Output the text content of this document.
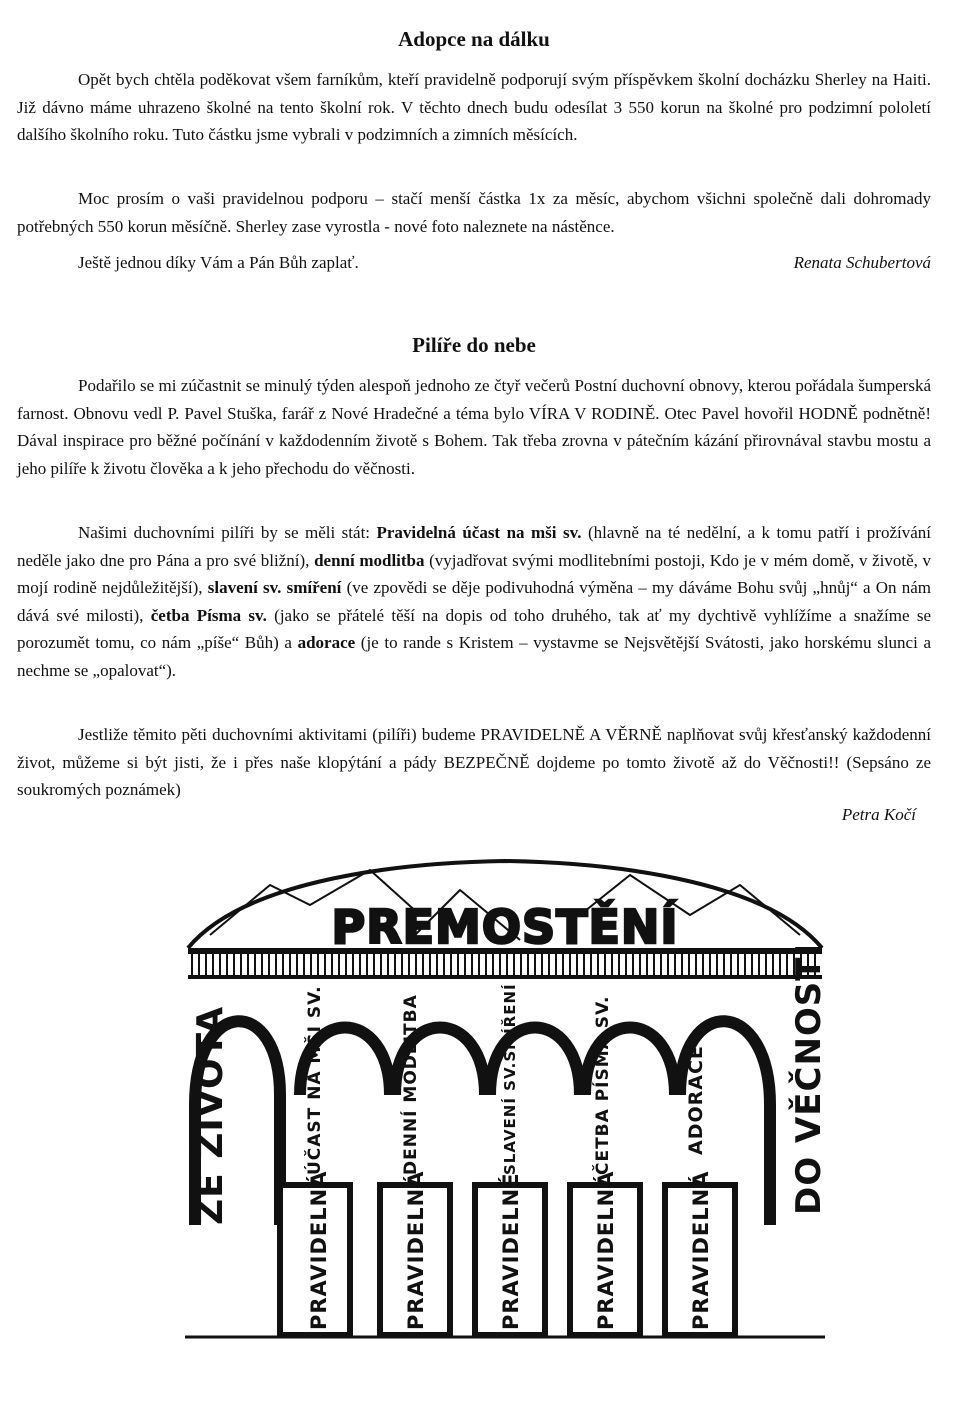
Adopce na dálku

Opět bych chtěla poděkovat všem farníkům, kteří pravidelně podporují svým příspěvkem školní docházku Sherley na Haiti. Již dávno máme uhrazeno školné na tento školní rok. V těchto dnech budu odesílat 3 550 korun na školné pro podzimní pololetí dalšího školního roku. Tuto částku jsme vybrali v podzimních a zimních měsících.

Moc prosím o vaši pravidelnou podporu – stačí menší částka 1x za měsíc, abychom všichni společně dali dohromady potřebných 550 korun měsíčně. Sherley zase vyrostla - nové foto naleznete na nástěnce.

Ještě jednou díky Vám a Pán Bůh zaplať.	Renata Schubertová
Pilíře do nebe

Podařilo se mi zúčastnit se minulý týden alespoň jednoho ze čtyř večerů Postní duchovní obnovy, kterou pořádala šumperská farnost. Obnovu vedl P. Pavel Stuška, farář z Nové Hradečné a téma bylo VÍRA V RODINĚ. Otec Pavel hovořil HODNĚ podnětně! Dával inspirace pro běžné počínání v každodenním životě s Bohem. Tak třeba zrovna v pátečním kázání přirovnával stavbu mostu a jeho pilíře k životu člověka a k jeho přechodu do věčnosti.

Našimi duchovními pilíři by se měli stát: Pravidelná účast na mši sv. (hlavně na té nedělní, a k tomu patří i prožívání neděle jako dne pro Pána a pro své bližní), denní modlitba (vyjadřovat svými modlitebními postoji, Kdo je v mém domě, v životě, v mojí rodině nejdůležitější), slavení sv. smíření (ve zpovědi se děje podivuhodná výměna – my dáváme Bohu svůj „hnůj“ a On nám dává své milosti), četba Písma sv. (jako se přátelé těší na dopis od toho druhého, tak ať my dychtivě vyhlížíme a snažíme se porozumět tomu, co nám „píše“ Bůh) a adorace (je to rande s Kristem – vystavme se Nejsvětější Svátosti, jako horskému slunci a nechme se „opalovat“).

Jestliže těmito pěti duchovními aktivitami (pilíři) budeme PRAVIDELNĚ A VĚRNĚ naplňovat svůj křesťanský každodenní život, můžeme si být jisti, že i přes naše klopýtání a pády BEZPEČNĚ dojdeme po tomto životě až do Věčnosti!! (Sepsáno ze soukromých poznámek)

Petra Kočí
PREMOSTĚNÍ
ZE ŽIVOTA	DO VĚČNOSTI
PRAVIDELNÁ	PRAVIDELNÁ	PRAVIDELNÉ	PRAVIDELNÁ	PRAVIDELNÁ
ÚČAST NA MŠI SV.	DENNÍ MODLITBA	SLAVENÍ SV.SMÍŘENÍ	ČETBA PÍSMA SV.	ADORACE
